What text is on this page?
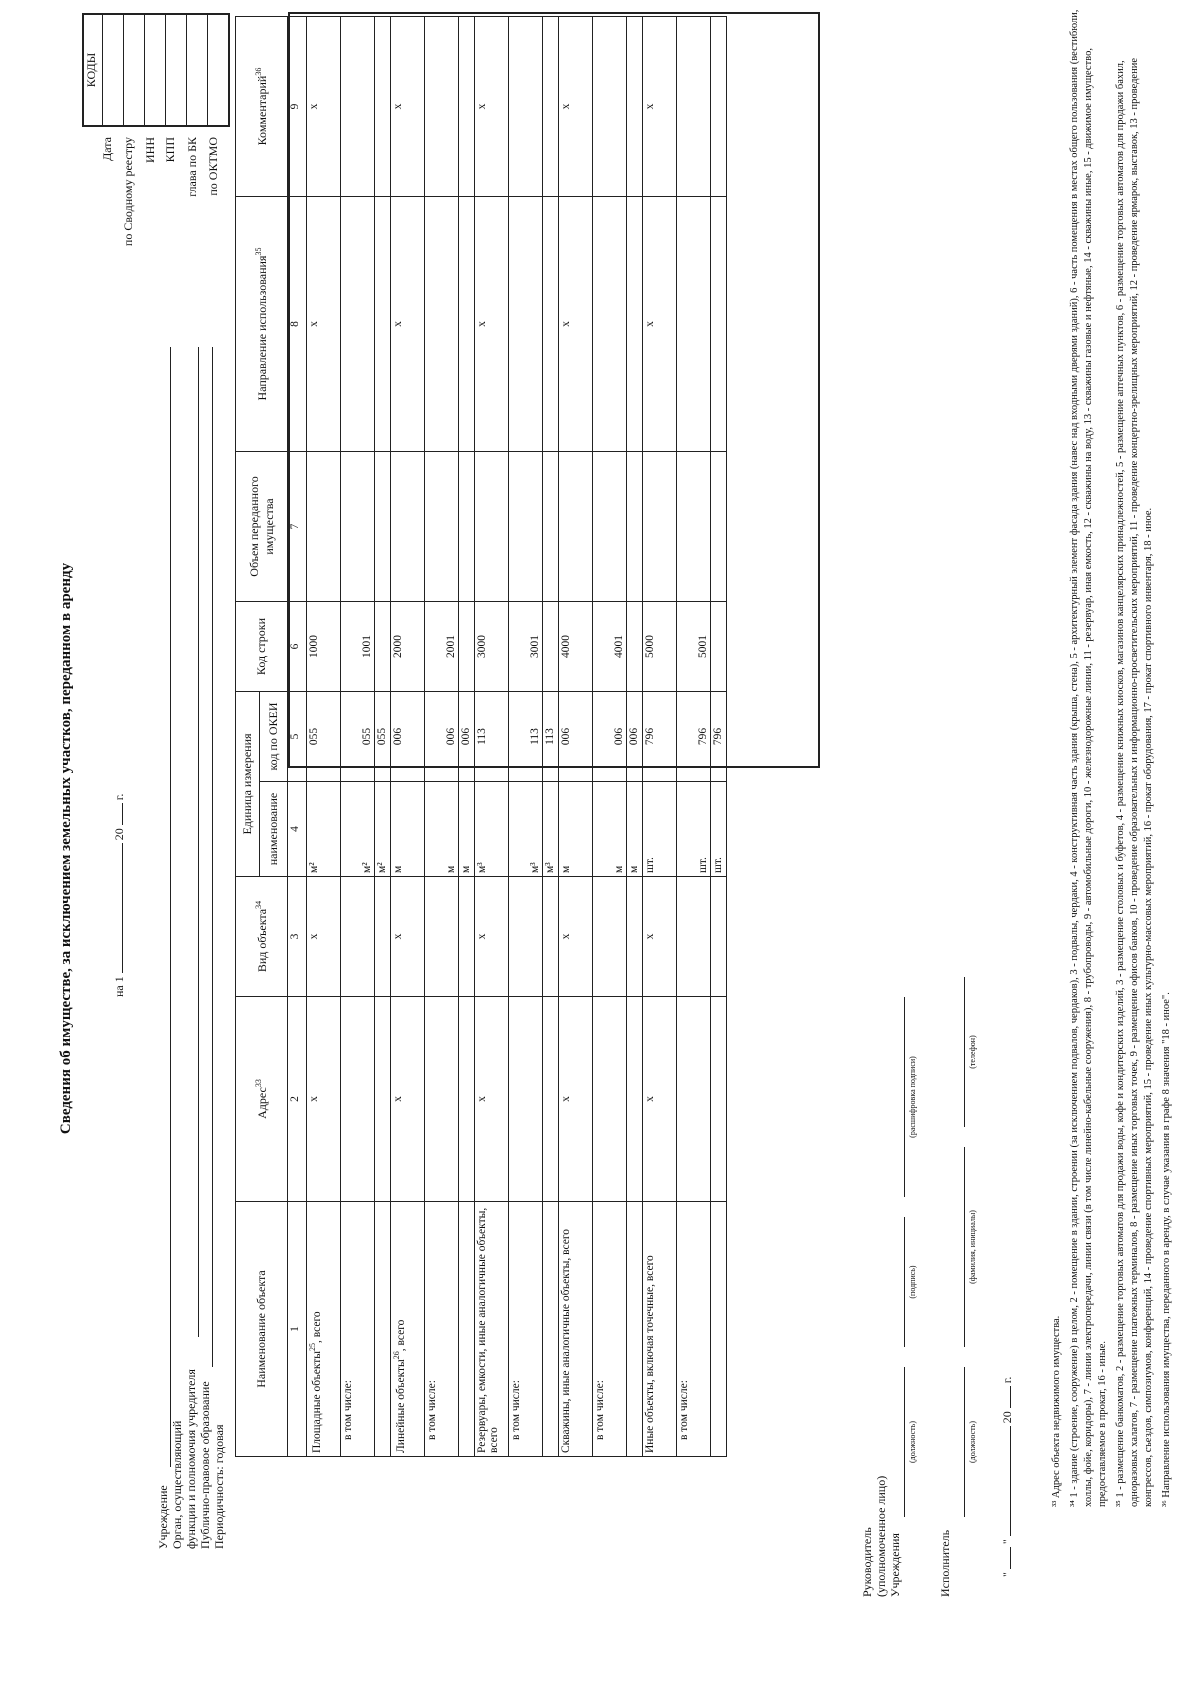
Сведения об имуществе, за исключением земельных участков, переданном в аренду	на 1  20  г.
Учреждение Орган, осуществляющий функции и полномочия учредителя Публично-правовое образование Периодичность: годовая
Дата по Сводному реестру ИНН КПП глава по БК по ОКТМО
КОДЫ
Наименование объекта	Адрес$^{33}$	Вид объекта$^{34}$	Единица измерения		Код строки	Объем переданного имущества	Направление использования$^{35}$	Комментарий$^{36}$
			наименование	код по ОКЕИ				
1	2	3	4	5	6	7	8	9
Площадные объекты$^{25}$, всего	x	x	м²	055	1000		x	x
в том числе:			м²	055	1001			
			м²	055				
Линейные объекты$^{26}$, всего	x	x	м	006	2000		x	x
в том числе:			м	006	2001			
			м	006				
Резервуары, емкости, иные аналогичные объекты, всего	x	x	м³	113	3000		x	x
в том числе:			м³	113	3001			
			м³	113				
Скважины, иные аналогичные объекты, всего	x	x	м	006	4000		x	x
в том числе:			м	006	4001			
			м	006				
Иные объекты, включая точечные, всего	x	x	шт.	796	5000		x	x
в том числе:			шт.	796	5001			
			шт.	796				
Руководитель (уполномоченное лицо) Учреждения	Исполнитель	"  "  20  г.
(должность)
(подпись)
(расшифровка подписи)
(должность)
(фамилия, инициалы)
(телефон)
³³ Адрес объекта недвижимого имущества. ³⁴ 1 - здание (строение, сооружение) в целом, 2 - помещение в здании, строении (за исключением подвалов, чердаков), 3 - подвалы, чердаки, 4 - конструктивная часть здания (крыша, стена), 5 - архитектурный элемент фасада здания (навес над входными дверями зданий), 6 - часть помещения в местах общего пользования (вестибюли, холлы, фойе, коридоры), 7 - линии электропередачи, линии связи (в том числе линейно-кабельные сооружения), 8 - трубопроводы, 9 - автомобильные дороги, 10 - железнодорожные линии, 11 - резервуар, иная емкость, 12 - скважины на воду, 13 - скважины газовые и нефтяные, 14 - скважины иные, 15 - движимое имущество, предоставляемое в прокат, 16 - иные. ³⁵ 1 - размещение банкоматов, 2 - размещение торговых автоматов для продажи воды, кофе и кондитерских изделий, 3 - размещение столовых и буфетов, 4 - размещение книжных киосков, магазинов канцелярских принадлежностей, 5 - размещение аптечных пунктов, 6 - размещение торговых автоматов для продажи бахил, одноразовых халатов, 7 - размещение платежных терминалов, 8 - размещение иных торговых точек, 9 - размещение офисов банков, 10 - проведение образовательных и информационно-просветительских мероприятий, 11 - проведение концертно-зрелищных мероприятий, 12 - проведение ярмарок, выставок, 13 - проведение конгрессов, съездов, симпозиумов, конференций, 14 - проведение спортивных мероприятий, 15 - проведение иных культурно-массовых мероприятий, 16 - прокат оборудования, 17 - прокат спортивного инвентаря, 18 - иное. ³⁶ Направление использования имущества, переданного в аренду, в случае указания в графе 8 значения "18 - иное".
